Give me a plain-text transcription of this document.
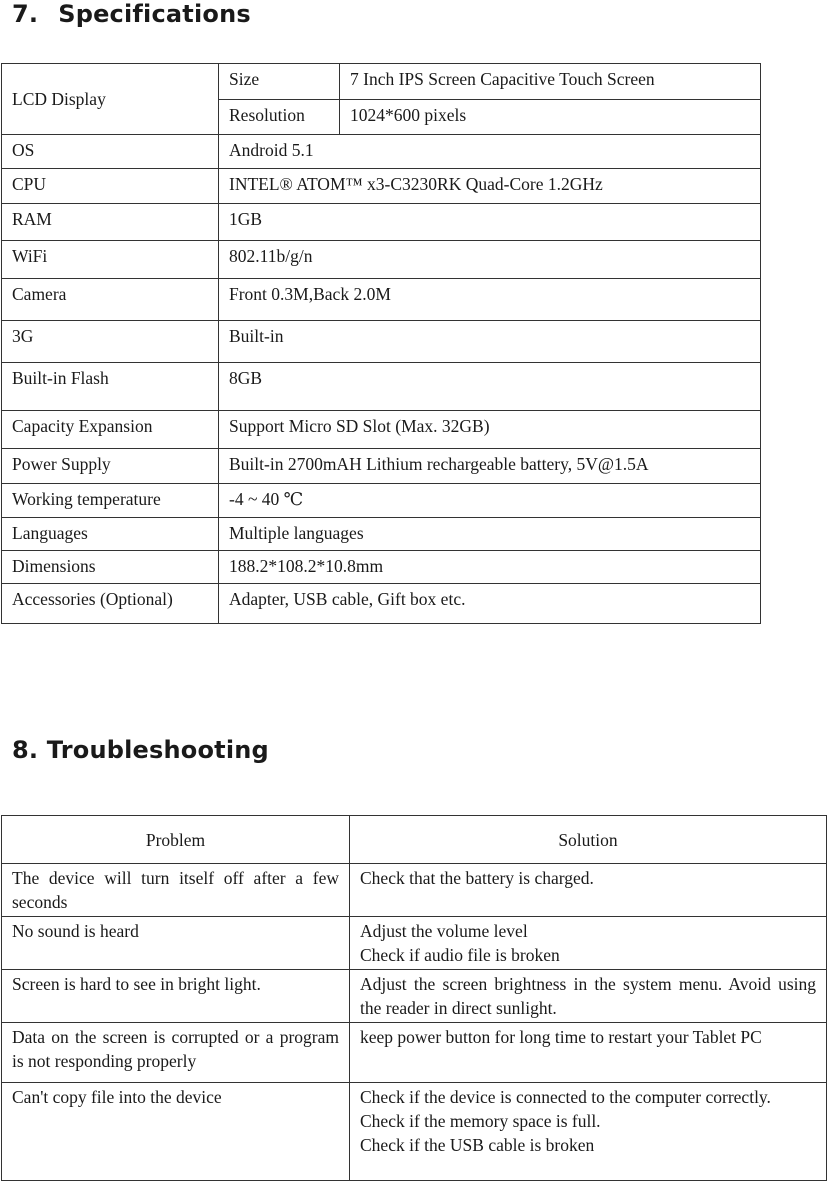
7. Specifications
LCD Display	Size	7 Inch IPS Screen Capacitive Touch Screen
	Resolution	1024*600 pixels
OS	Android 5.1	
CPU	INTEL® ATOM™ x3-C3230RK Quad-Core 1.2GHz	
RAM	1GB	
WiFi	802.11b/g/n	
Camera	Front 0.3M,Back 2.0M	
3G	Built-in	
Built-in Flash	8GB	
Capacity Expansion	Support Micro SD Slot (Max. 32GB)	
Power Supply	Built-in 2700mAH Lithium rechargeable battery, 5V@1.5A	
Working temperature	-4 ~ 40 ℃	
Languages	Multiple languages	
Dimensions	188.2*108.2*10.8mm	
Accessories (Optional)	Adapter, USB cable, Gift box etc.	
8. Troubleshooting
Problem	Solution
The device will turn itself off after a few seconds	Check that the battery is charged.

No sound is heard	Adjust the volume level
Check if audio file is broken

Screen is hard to see in bright light.	Adjust the screen brightness in the system menu. Avoid using the reader in direct sunlight.

Data on the screen is corrupted or a program is not responding properly	keep power button for long time to restart your Tablet PC

Can't copy file into the device	Check if the device is connected to the computer correctly.
Check if the memory space is full.
Check if the USB cable is broken
